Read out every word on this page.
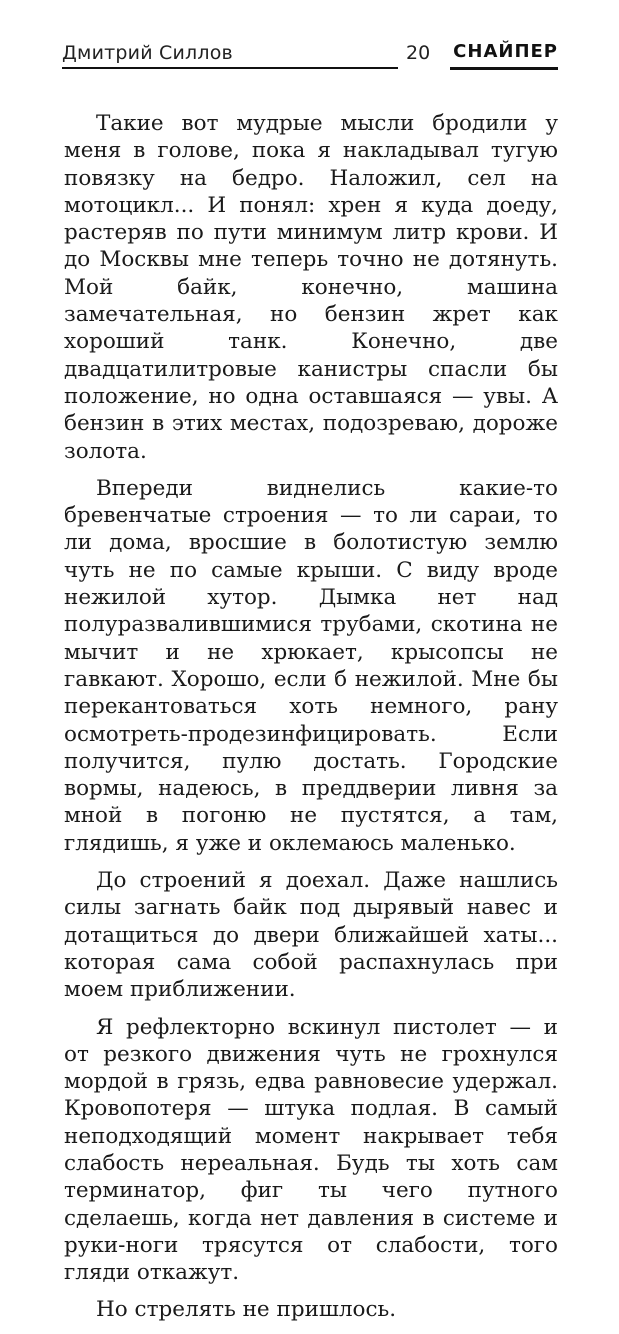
Дмитрий Силлов	20 СНАЙПЕР

Такие вот мудрые мысли бродили у меня в голове, пока я накладывал тугую повязку на бедро. Наложил, сел на мотоцикл... И понял: хрен я куда доеду, растеряв по пути минимум литр крови. И до Москвы мне теперь точно не дотянуть. Мой байк, конечно, машина замечательная, но бензин жрет как хороший танк. Конечно, две двадцатилитровые канистры спасли бы положение, но одна оставшаяся — увы. А бензин в этих местах, подозреваю, дороже золота.

Впереди виднелись какие-то бревенчатые строения — то ли сараи, то ли дома, вросшие в болотистую землю чуть не по самые крыши. С виду вроде нежилой хутор. Дымка нет над полуразвалившимися трубами, скотина не мычит и не хрюкает, крысопсы не гавкают. Хорошо, если б нежилой. Мне бы перекантоваться хоть немного, рану осмотреть-продезинфицировать. Если получится, пулю достать. Городские вормы, надеюсь, в преддверии ливня за мной в погоню не пустятся, а там, глядишь, я уже и оклемаюсь маленько.

До строений я доехал. Даже нашлись силы загнать байк под дырявый навес и дотащиться до двери ближайшей хаты... которая сама собой распахнулась при моем приближении.

Я рефлекторно вскинул пистолет — и от резкого движения чуть не грохнулся мордой в грязь, едва равновесие удержал. Кровопотеря — штука подлая. В самый неподходящий момент накрывает тебя слабость нереальная. Будь ты хоть сам терминатор, фиг ты чего путного сделаешь, когда нет давления в системе и руки-ноги трясутся от слабости, того гляди откажут.

Но стрелять не пришлось.
